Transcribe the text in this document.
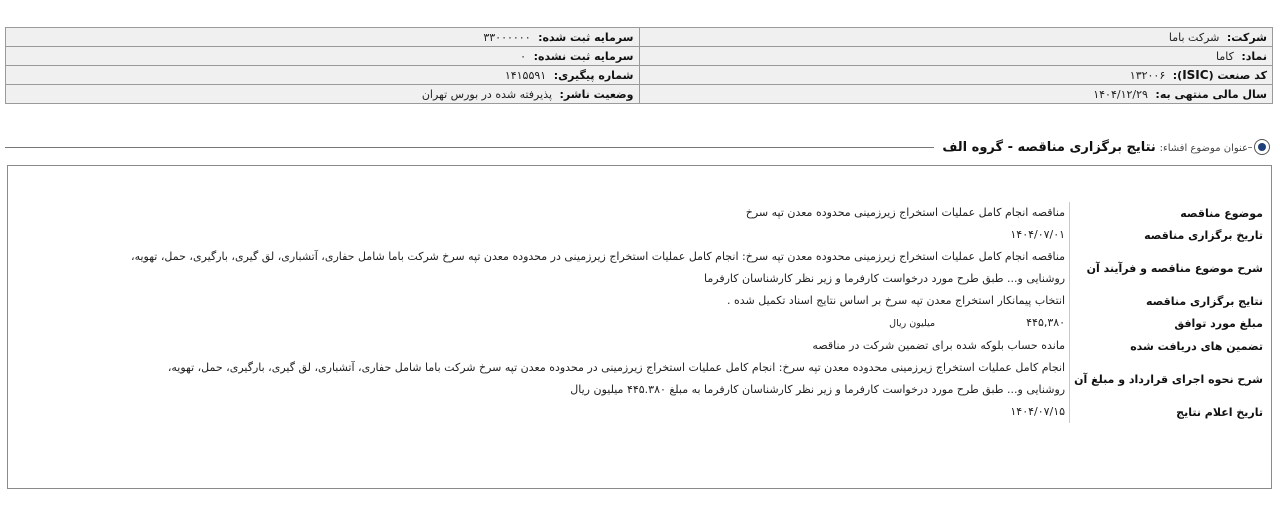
شرکت: شرکت باما	سرمایه ثبت شده: ۳۳۰۰۰۰۰۰
نماد: کاما	سرمایه ثبت نشده: ۰
کد صنعت (ISIC): ۱۳۲۰۰۶	شماره پیگیری: ۱۴۱۵۵۹۱
سال مالی منتهی به: ۱۴۰۴/۱۲/۲۹	وضعیت ناشر: پذیرفته شده در بورس تهران
عنوان موضوع افشاء: نتایج برگزاری مناقصه - گروه الف
موضوع مناقصه	مناقصه انجام کامل عملیات استخراج زیرزمینی محدوده معدن تپه سرخ
تاریخ برگزاری مناقصه	۱۴۰۴/۰۷/۰۱
شرح موضوع مناقصه و فرآیند آن	مناقصه انجام کامل عملیات استخراج زیرزمینی محدوده معدن تپه سرخ: انجام کامل عملیات استخراج زیرزمینی در محدوده معدن تپه سرخ شرکت باما شامل حفاری، آتشباری، لق گیری، بارگیری، حمل، تهویه، روشنایی و... طبق طرح مورد درخواست کارفرما و زیر نظر کارشناسان کارفرما
نتایج برگزاری مناقصه	انتخاب پیمانکار استخراج معدن تپه سرخ بر اساس نتایج اسناد تکمیل شده .
مبلغ مورد توافق	۴۴۵,۳۸۰میلیون ریال
تضمین های دریافت شده	مانده حساب بلوکه شده برای تضمین شرکت در مناقصه
شرح نحوه اجرای قرارداد و مبلغ آن	انجام کامل عملیات استخراج زیرزمینی محدوده معدن تپه سرخ: انجام کامل عملیات استخراج زیرزمینی در محدوده معدن تپه سرخ شرکت باما شامل حفاری، آتشباری، لق گیری، بارگیری، حمل، تهویه، روشنایی و... طبق طرح مورد درخواست کارفرما و زیر نظر کارشناسان کارفرما به مبلغ ۴۴۵.۳۸۰ میلیون ریال
تاریخ اعلام نتایج	۱۴۰۴/۰۷/۱۵
